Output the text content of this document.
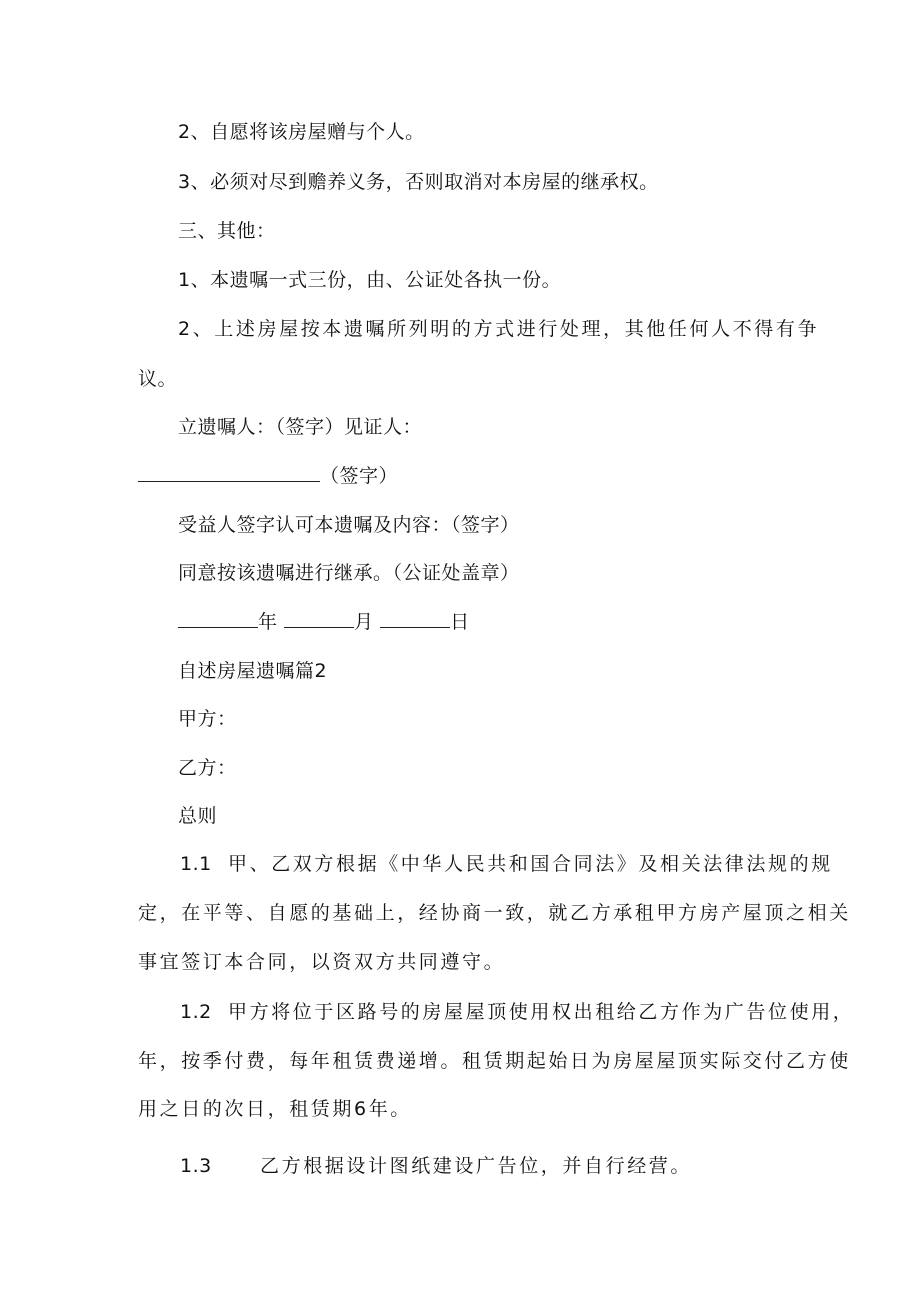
2、自愿将该房屋赠与个人。
3、必须对尽到赡养义务，否则取消对本房屋的继承权。
三、其他：
1、本遗嘱一式三份，由、公证处各执一份。
2、上述房屋按本遗嘱所列明的方式进行处理，其他任何人不得有争
议。
立遗嘱人：（签字）见证人：
（签字）
受益人签字认可本遗嘱及内容：（签字）
同意按该遗嘱进行继承。（公证处盖章）
年	月	日
自述房屋遗嘱篇2
甲方：
乙方：
总则
1.1 甲、乙双方根据《中华人民共和国合同法》及相关法律法规的规
定，在平等、自愿的基础上，经协商一致，就乙方承租甲方房产屋顶之相关
事宜签订本合同，以资双方共同遵守。
1.2 甲方将位于区路号的房屋屋顶使用权出租给乙方作为广告位使用，
年，按季付费，每年租赁费递增。租赁期起始日为房屋屋顶实际交付乙方使
用之日的次日，租赁期6年。
1.3	乙方根据设计图纸建设广告位，并自行经营。
